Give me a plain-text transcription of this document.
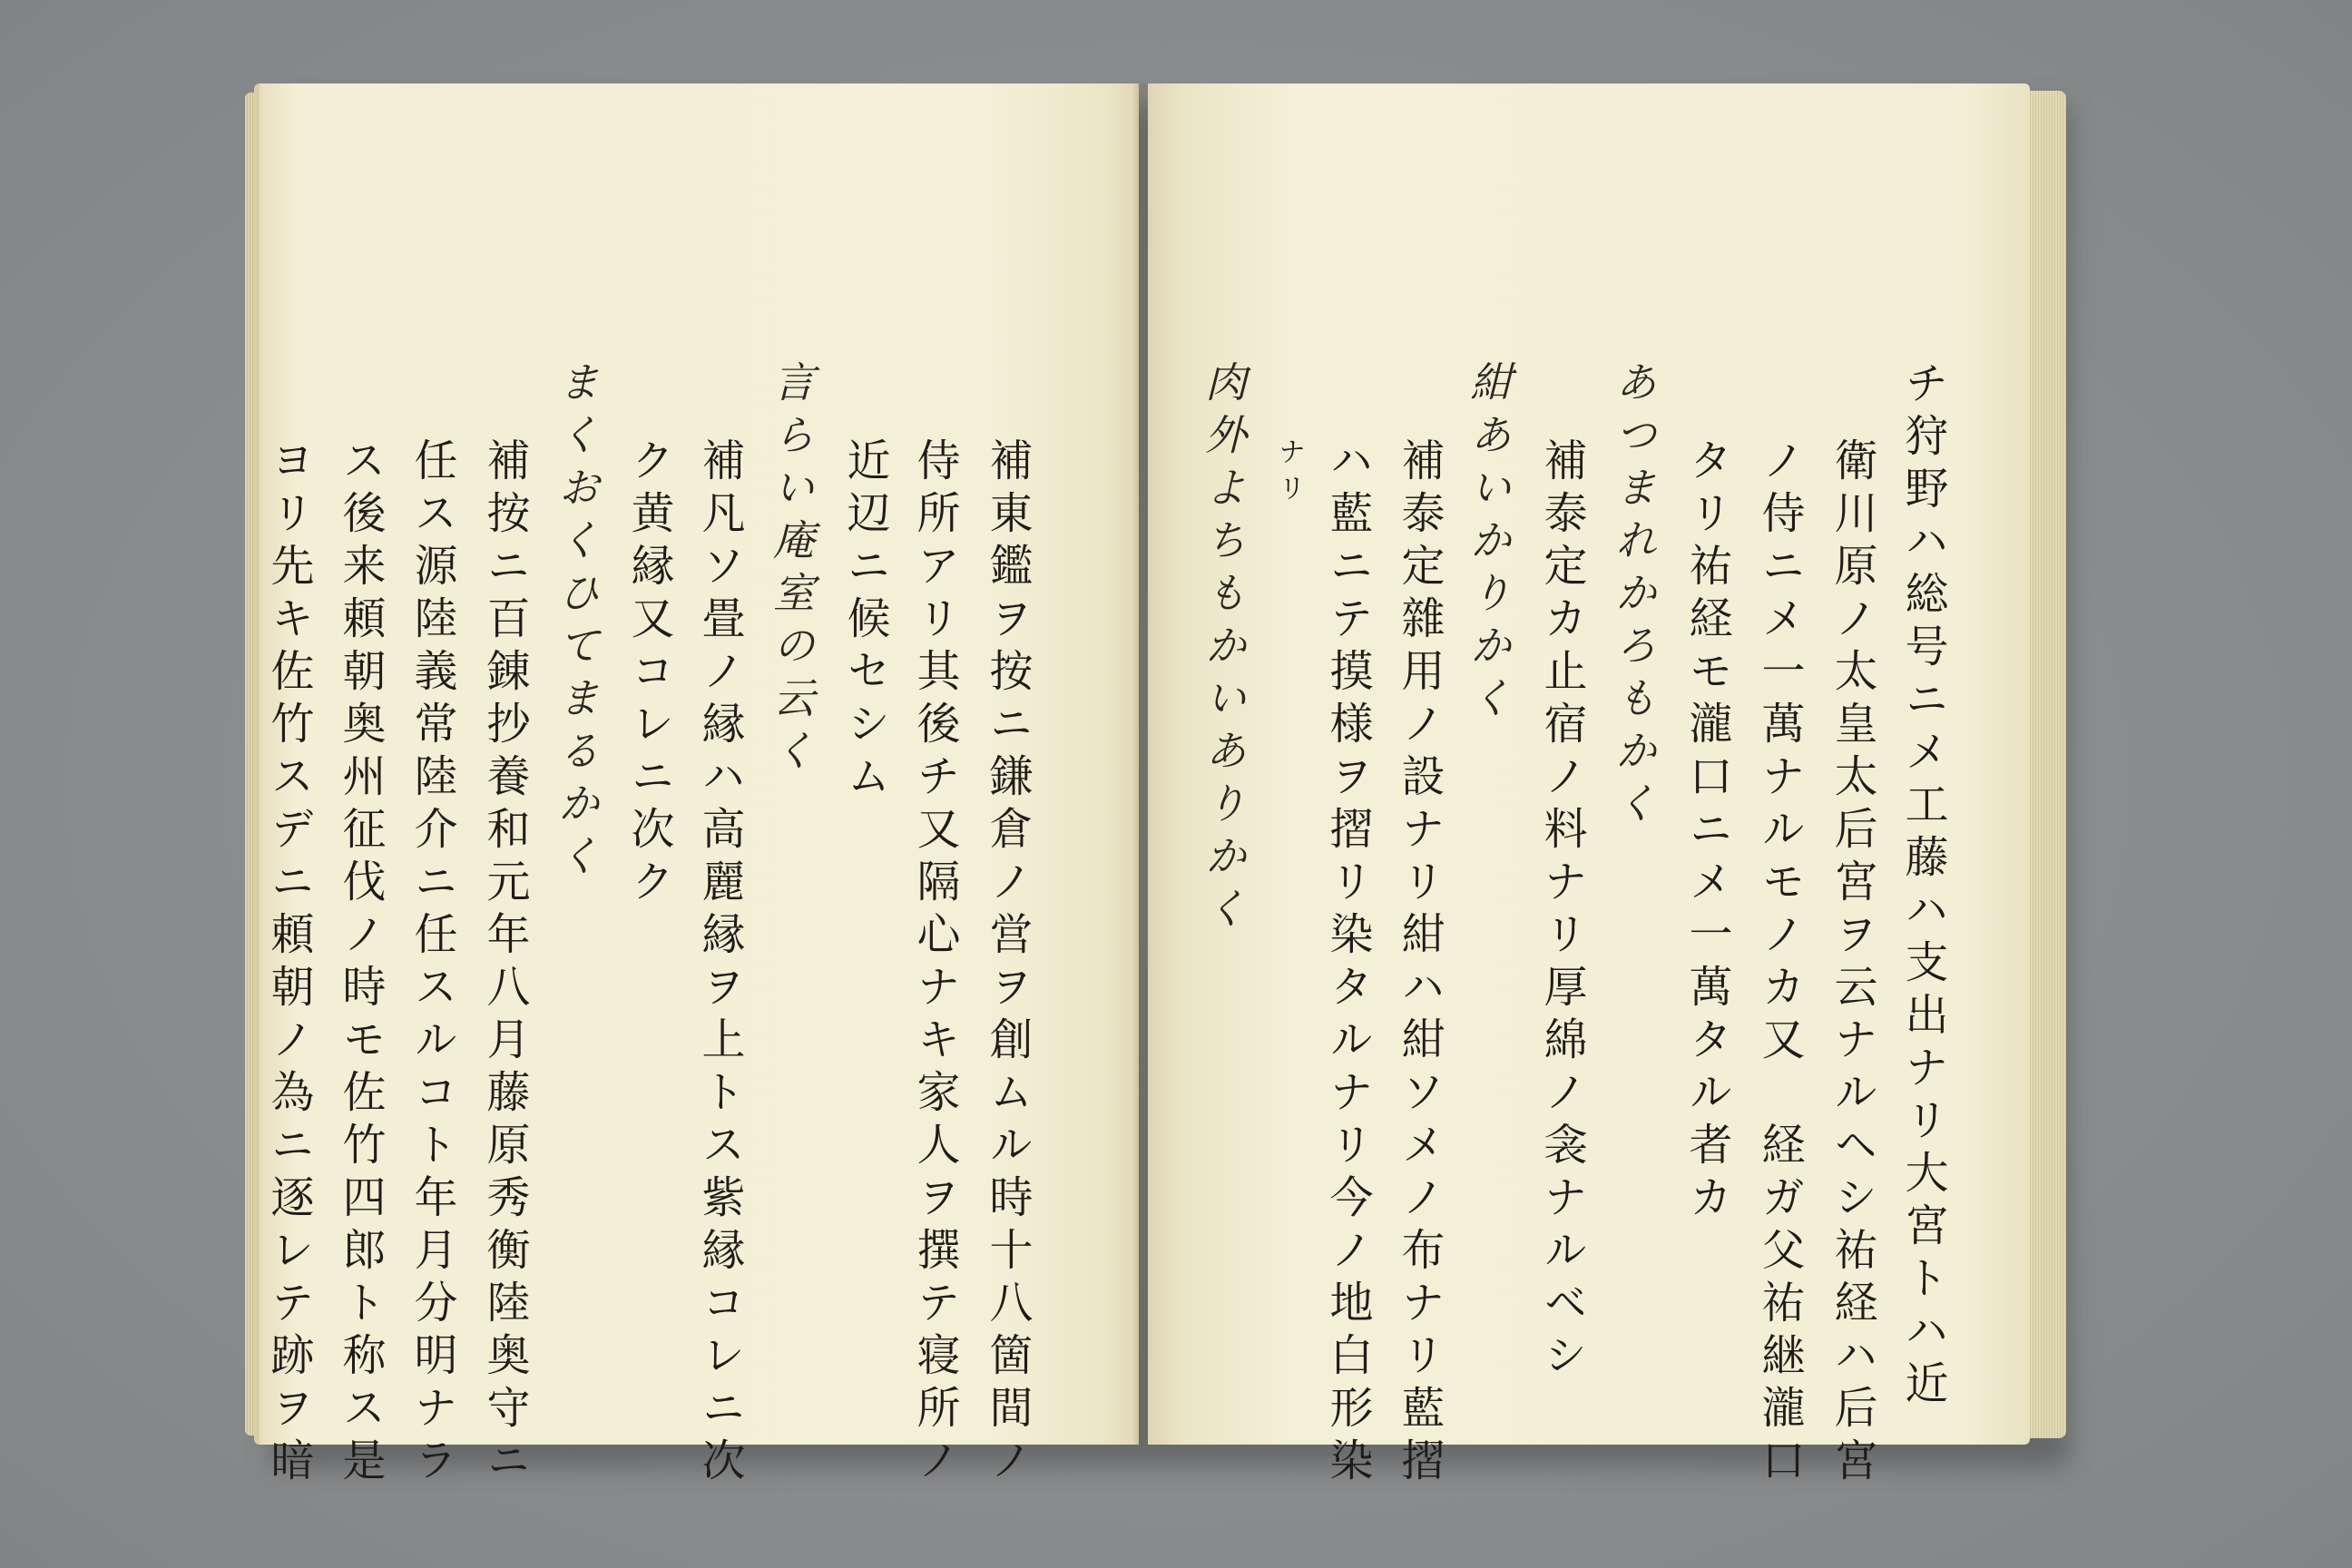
補東鑑ヲ按ニ鎌倉ノ営ヲ創ムル時十八箇間ノ
侍所アリ其後チ又隔心ナキ家人ヲ撰テ寝所ノ
近辺ニ候セシム
言らい庵室の云く
補凡ソ畳ノ縁ハ高麗縁ヲ上トス紫縁コレニ次
ク黄縁又コレニ次ク
まくおくひてまるかく
補按ニ百錬抄養和元年八月藤原秀衡陸奥守ニ
任ス源陸義常陸介ニ任スルコト年月分明ナラ
ス後来頼朝奥州征伐ノ時モ佐竹四郎ト称ス是
ヨリ先キ佐竹スデニ頼朝ノ為ニ逐レテ跡ヲ暗	チ狩野ハ総号ニメ工藤ハ支出ナリ大宮トハ近
衛川原ノ太皇太后宮ヲ云ナルヘシ祐経ハ后宮
ノ侍ニメ一萬ナルモノカ又　経ガ父祐継瀧口
タリ祐経モ瀧口ニメ一萬タル者カ
あつまれかろもかく
補泰定カ止宿ノ料ナリ厚綿ノ衾ナルベシ
紺あいかりかく
補泰定雜用ノ設ナリ紺ハ紺ソメノ布ナリ藍摺
ハ藍ニテ摸様ヲ摺リ染タルナリ今ノ地白形染
ナリ
肉外よちもかいありかく
